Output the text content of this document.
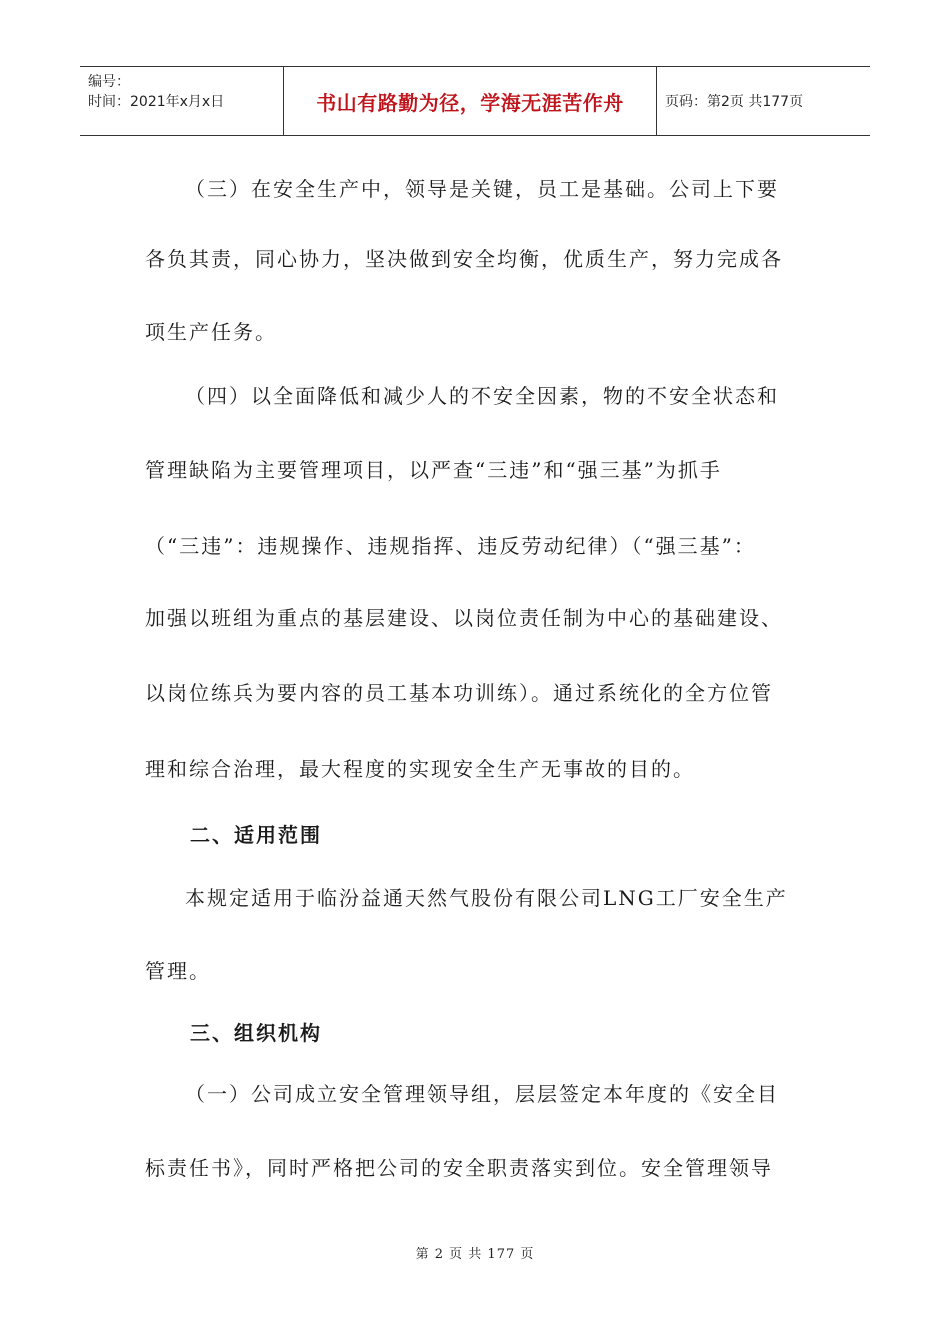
编号：
时间：2021年x月x日	书山有路勤为径，学海无涯苦作舟	页码：第2页 共177页
（三）在安全生产中，领导是关键，员工是基础。公司上下要
各负其责，同心协力，坚决做到安全均衡，优质生产，努力完成各
项生产任务。
（四）以全面降低和减少人的不安全因素，物的不安全状态和
管理缺陷为主要管理项目，以严查“三违”和“强三基”为抓手
（“三违”：违规操作、违规指挥、违反劳动纪律）（“强三基”：
加强以班组为重点的基层建设、以岗位责任制为中心的基础建设、
以岗位练兵为要内容的员工基本功训练）。通过系统化的全方位管
理和综合治理，最大程度的实现安全生产无事故的目的。
二、适用范围
本规定适用于临汾益通天然气股份有限公司LNG工厂安全生产
管理。
三、组织机构
（一）公司成立安全管理领导组，层层签定本年度的《安全目
标责任书》，同时严格把公司的安全职责落实到位。安全管理领导
第 2 页 共 177 页
